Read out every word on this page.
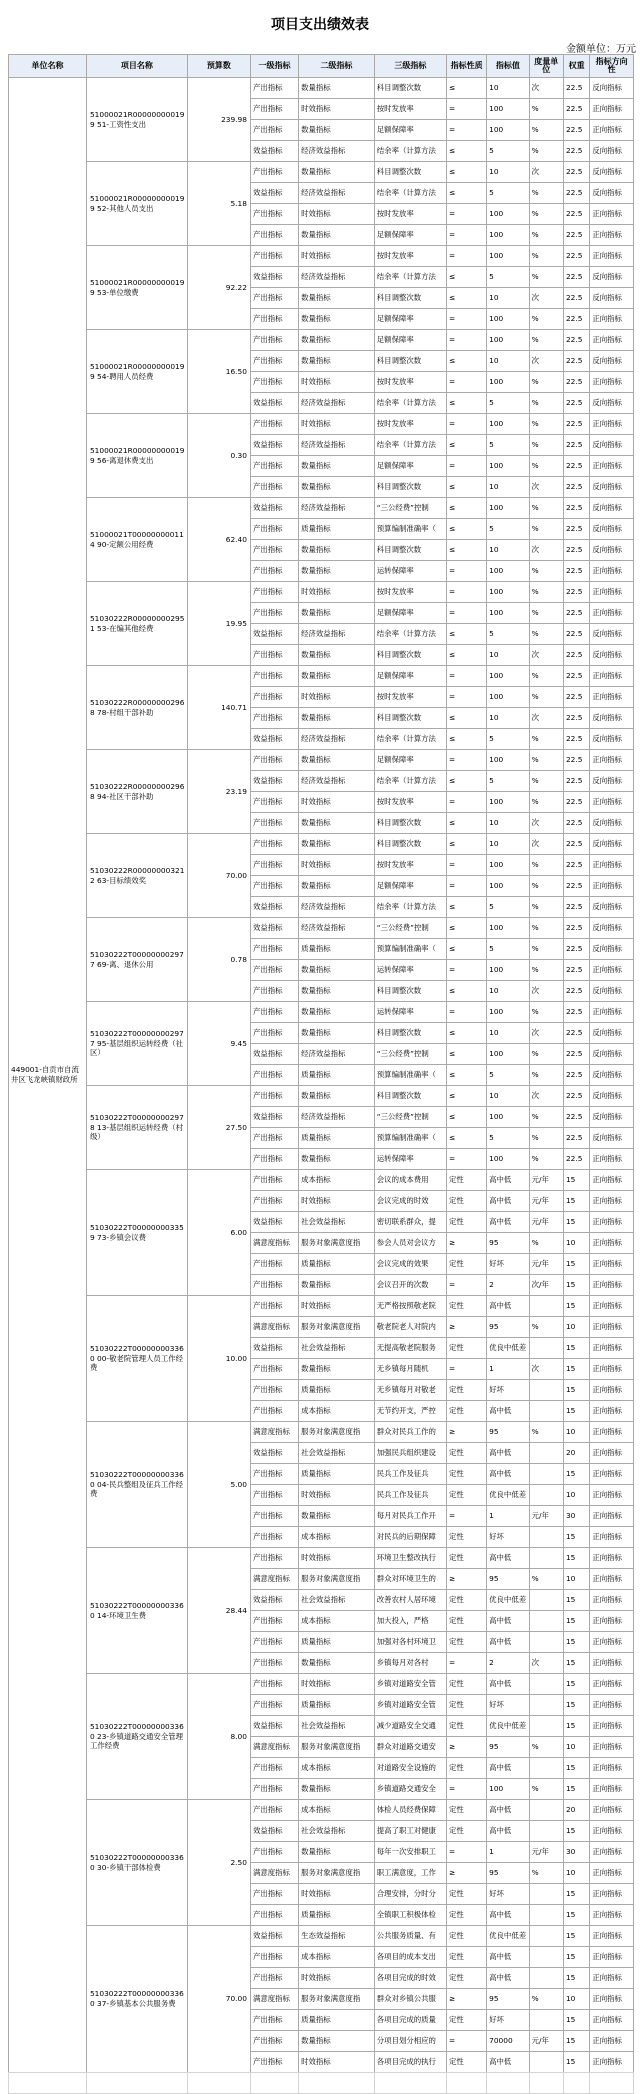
项目支出绩效表
金额单位：万元
单位名称	项目名称	预算数	一级指标	二级指标	三级指标	指标性质	指标值	度量单位	权重	指标方向性
449001-自贡市自流井区飞龙峡镇财政所	51000021R000000000199 51-工资性支出	239.98	产出指标	数量指标	科目调整次数	≤	10	次	22.5	反向指标
			产出指标	时效指标	按时发放率	=	100	%	22.5	正向指标
			产出指标	数量指标	足额保障率	=	100	%	22.5	正向指标
			效益指标	经济效益指标	结余率（计算方法	≤	5	%	22.5	反向指标
	51000021R000000000199 52-其他人员支出	5.18	产出指标	数量指标	科目调整次数	≤	10	次	22.5	反向指标
			效益指标	经济效益指标	结余率（计算方法	≤	5	%	22.5	反向指标
			产出指标	时效指标	按时发放率	=	100	%	22.5	正向指标
			产出指标	数量指标	足额保障率	=	100	%	22.5	正向指标
	51000021R000000000199 53-单位缴费	92.22	产出指标	时效指标	按时发放率	=	100	%	22.5	正向指标
			效益指标	经济效益指标	结余率（计算方法	≤	5	%	22.5	反向指标
			产出指标	数量指标	科目调整次数	≤	10	次	22.5	反向指标
			产出指标	数量指标	足额保障率	=	100	%	22.5	正向指标
	51000021R000000000199 54-聘用人员经费	16.50	产出指标	数量指标	足额保障率	=	100	%	22.5	正向指标
			产出指标	数量指标	科目调整次数	≤	10	次	22.5	反向指标
			产出指标	时效指标	按时发放率	=	100	%	22.5	正向指标
			效益指标	经济效益指标	结余率（计算方法	≤	5	%	22.5	反向指标
	51000021R000000000199 56-离退休费支出	0.30	产出指标	时效指标	按时发放率	=	100	%	22.5	正向指标
			效益指标	经济效益指标	结余率（计算方法	≤	5	%	22.5	反向指标
			产出指标	数量指标	足额保障率	=	100	%	22.5	正向指标
			产出指标	数量指标	科目调整次数	≤	10	次	22.5	反向指标
	51000021T000000000114 90-定额公用经费	62.40	效益指标	经济效益指标	“三公经费”控制	≤	100	%	22.5	反向指标
			产出指标	质量指标	预算编制准确率（	≤	5	%	22.5	反向指标
			产出指标	数量指标	科目调整次数	≤	10	次	22.5	反向指标
			产出指标	数量指标	运转保障率	=	100	%	22.5	正向指标
	51030222R000000002951 53-在编其他经费	19.95	产出指标	时效指标	按时发放率	=	100	%	22.5	正向指标
			产出指标	数量指标	足额保障率	=	100	%	22.5	正向指标
			效益指标	经济效益指标	结余率（计算方法	≤	5	%	22.5	反向指标
			产出指标	数量指标	科目调整次数	≤	10	次	22.5	反向指标
	51030222R000000002968 78-村组干部补助	140.71	产出指标	数量指标	足额保障率	=	100	%	22.5	正向指标
			产出指标	时效指标	按时发放率	=	100	%	22.5	正向指标
			产出指标	数量指标	科目调整次数	≤	10	次	22.5	反向指标
			效益指标	经济效益指标	结余率（计算方法	≤	5	%	22.5	反向指标
	51030222R000000002968 94-社区干部补助	23.19	产出指标	数量指标	足额保障率	=	100	%	22.5	正向指标
			效益指标	经济效益指标	结余率（计算方法	≤	5	%	22.5	反向指标
			产出指标	时效指标	按时发放率	=	100	%	22.5	正向指标
			产出指标	数量指标	科目调整次数	≤	10	次	22.5	反向指标
	51030222R000000003212 63-目标绩效奖	70.00	产出指标	数量指标	科目调整次数	≤	10	次	22.5	反向指标
			产出指标	时效指标	按时发放率	=	100	%	22.5	正向指标
			产出指标	数量指标	足额保障率	=	100	%	22.5	正向指标
			效益指标	经济效益指标	结余率（计算方法	≤	5	%	22.5	反向指标
	51030222T000000002977 69-离、退休公用	0.78	效益指标	经济效益指标	“三公经费”控制	≤	100	%	22.5	反向指标
			产出指标	质量指标	预算编制准确率（	≤	5	%	22.5	反向指标
			产出指标	数量指标	运转保障率	=	100	%	22.5	正向指标
			产出指标	数量指标	科目调整次数	≤	10	次	22.5	反向指标
	51030222T000000002977 95-基层组织运转经费（社区）	9.45	产出指标	数量指标	运转保障率	=	100	%	22.5	正向指标
			产出指标	数量指标	科目调整次数	≤	10	次	22.5	反向指标
			效益指标	经济效益指标	“三公经费”控制	≤	100	%	22.5	反向指标
			产出指标	质量指标	预算编制准确率（	≤	5	%	22.5	反向指标
	51030222T000000002978 13-基层组织运转经费（村级）	27.50	产出指标	数量指标	科目调整次数	≤	10	次	22.5	反向指标
			效益指标	经济效益指标	“三公经费”控制	≤	100	%	22.5	反向指标
			产出指标	质量指标	预算编制准确率（	≤	5	%	22.5	反向指标
			产出指标	数量指标	运转保障率	=	100	%	22.5	正向指标
	51030222T000000003359 73-乡镇会议费	6.00	产出指标	成本指标	会议的成本费用	定性	高中低	元/年	15	正向指标
			产出指标	时效指标	会议完成的时效	定性	高中低	元/年	15	正向指标
			效益指标	社会效益指标	密切联系群众，提	定性	高中低	元/年	15	正向指标
			满意度指标	服务对象满意度指	参会人员对会议方	≥	95	%	10	正向指标
			产出指标	质量指标	会议完成的效果	定性	好坏	元/年	15	正向指标
			产出指标	数量指标	会议召开的次数	=	2	次/年	15	正向指标
	51030222T000000003360 00-敬老院管理人员工作经费	10.00	产出指标	时效指标	无严格按照敬老院	定性	高中低		15	正向指标
			满意度指标	服务对象满意度指	敬老院老人对院内	≥	95	%	10	正向指标
			效益指标	社会效益指标	无提高敬老院服务	定性	优良中低差		15	正向指标
			产出指标	数量指标	无乡镇每月随机	=	1	次	15	正向指标
			产出指标	质量指标	无乡镇每月对敬老	定性	好坏		15	正向指标
			产出指标	成本指标	无节约开支，严控	定性	高中低		15	正向指标
	51030222T000000003360 04-民兵整组及征兵工作经费	5.00	满意度指标	服务对象满意度指	群众对民兵工作的	≥	95	%	10	正向指标
			效益指标	社会效益指标	加强民兵组织建设	定性	高中低		20	正向指标
			产出指标	质量指标	民兵工作及征兵	定性	高中低		15	正向指标
			产出指标	时效指标	民兵工作及征兵	定性	优良中低差		10	正向指标
			产出指标	数量指标	每月对民兵工作开	=	1	元/年	30	正向指标
			产出指标	成本指标	对民兵的后期保障	定性	好坏		15	正向指标
	51030222T000000003360 14-环境卫生费	28.44	产出指标	时效指标	环境卫生整改执行	定性	高中低		15	正向指标
			满意度指标	服务对象满意度指	群众对环境卫生的	≥	95	%	10	正向指标
			效益指标	社会效益指标	改善农村人居环境	定性	优良中低差		15	正向指标
			产出指标	成本指标	加大投入，严格	定性	高中低		15	正向指标
			产出指标	质量指标	加强对各村环境卫	定性	高中低		15	正向指标
			产出指标	数量指标	乡镇每月对各村	=	2	次	15	正向指标
	51030222T000000003360 23-乡镇道路交通安全管理工作经费	8.00	产出指标	时效指标	乡镇对道路安全管	定性	高中低		15	正向指标
			产出指标	质量指标	乡镇对道路安全管	定性	好坏		15	正向指标
			效益指标	社会效益指标	减少道路安全交通	定性	优良中低差		15	正向指标
			满意度指标	服务对象满意度指	群众对道路交通安	≥	95	%	10	正向指标
			产出指标	成本指标	对道路安全设施的	定性	高中低		15	正向指标
			产出指标	数量指标	乡镇道路交通安全	=	100	%	15	正向指标
	51030222T000000003360 30-乡镇干部体检费	2.50	产出指标	成本指标	体检人员经费保障	定性	高中低		20	正向指标
			效益指标	社会效益指标	提高了职工对健康	定性	高中低		15	正向指标
			产出指标	数量指标	每年一次安排职工	=	1	元/年	30	正向指标
			满意度指标	服务对象满意度指	职工满意度，工作	≥	95	%	10	正向指标
			产出指标	时效指标	合理安排，分时分	定性	好坏		15	正向指标
			产出指标	质量指标	全镇职工积极体检	定性	高中低		15	正向指标
	51030222T000000003360 37-乡镇基本公共服务费	70.00	效益指标	生态效益指标	公共服务质量、有	定性	优良中低差		15	正向指标
			产出指标	成本指标	各项目的成本支出	定性	高中低		15	正向指标
			产出指标	时效指标	各项目完成的时效	定性	高中低		15	正向指标
			满意度指标	服务对象满意度指	群众对乡镇公共服	≥	95	%	10	正向指标
			产出指标	质量指标	各项目完成的质量	定性	好坏		15	正向指标
			产出指标	数量指标	分项目划分相应的	=	70000	元/年	15	正向指标
			产出指标	时效指标	各项目完成的执行	定性	高中低		15	正向指标
